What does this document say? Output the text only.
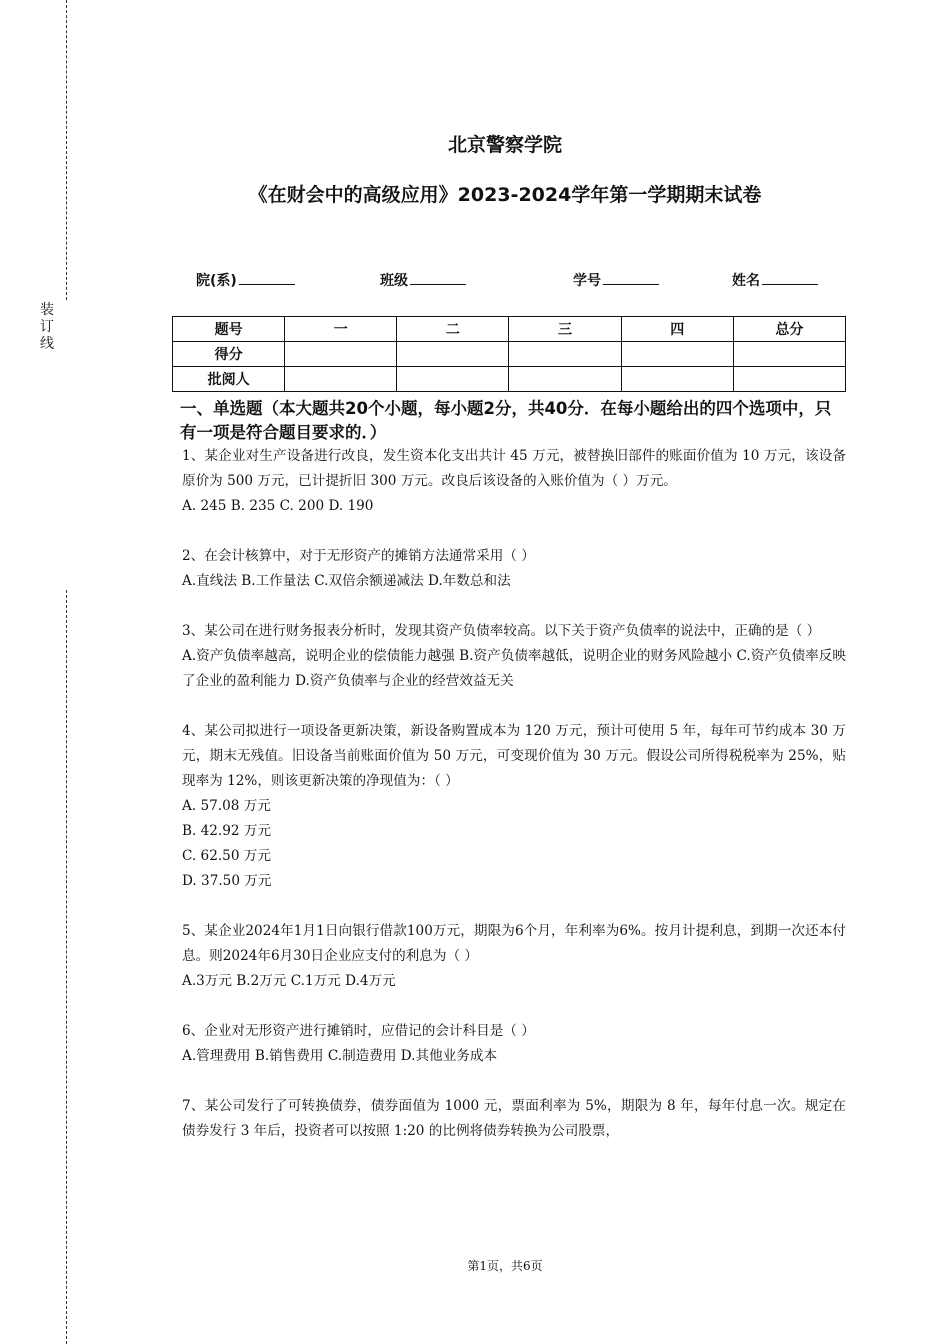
装
订
线
北京警察学院
《在财会中的高级应用》2023-2024学年第一学期期末试卷
院(系)	班级	学号	姓名
题号	一	二	三	四	总分
得分					
批阅人					
一、单选题（本大题共20个小题，每小题2分，共40分．在每小题给出的四个选项中，只有一项是符合题目要求的．）

1、某企业对生产设备进行改良，发生资本化支出共计 45 万元，被替换旧部件的账面价值为 10 万元，该设备原价为 500 万元，已计提折旧 300 万元。改良后该设备的入账价值为（ ）万元。

A. 245 B. 235 C. 200 D. 190

2、在会计核算中，对于无形资产的摊销方法通常采用（ ）

A.直线法 B.工作量法 C.双倍余额递减法 D.年数总和法

3、某公司在进行财务报表分析时，发现其资产负债率较高。以下关于资产负债率的说法中，正确的是（ ）

A.资产负债率越高，说明企业的偿债能力越强 B.资产负债率越低，说明企业的财务风险越小 C.资产负债率反映了企业的盈利能力 D.资产负债率与企业的经营效益无关

4、某公司拟进行一项设备更新决策，新设备购置成本为 120 万元，预计可使用 5 年，每年可节约成本 30 万元，期末无残值。旧设备当前账面价值为 50 万元，可变现价值为 30 万元。假设公司所得税税率为 25%，贴现率为 12%，则该更新决策的净现值为：（ ）

A. 57.08 万元

B. 42.92 万元

C. 62.50 万元

D. 37.50 万元

5、某企业2024年1月1日向银行借款100万元，期限为6个月，年利率为6%。按月计提利息，到期一次还本付息。则2024年6月30日企业应支付的利息为（ ）

A.3万元 B.2万元 C.1万元 D.4万元

6、企业对无形资产进行摊销时，应借记的会计科目是（ ）

A.管理费用 B.销售费用 C.制造费用 D.其他业务成本

7、某公司发行了可转换债券，债券面值为 1000 元，票面利率为 5%，期限为 8 年，每年付息一次。规定在债券发行 3 年后，投资者可以按照 1:20 的比例将债券转换为公司股票，

第1页，共6页
